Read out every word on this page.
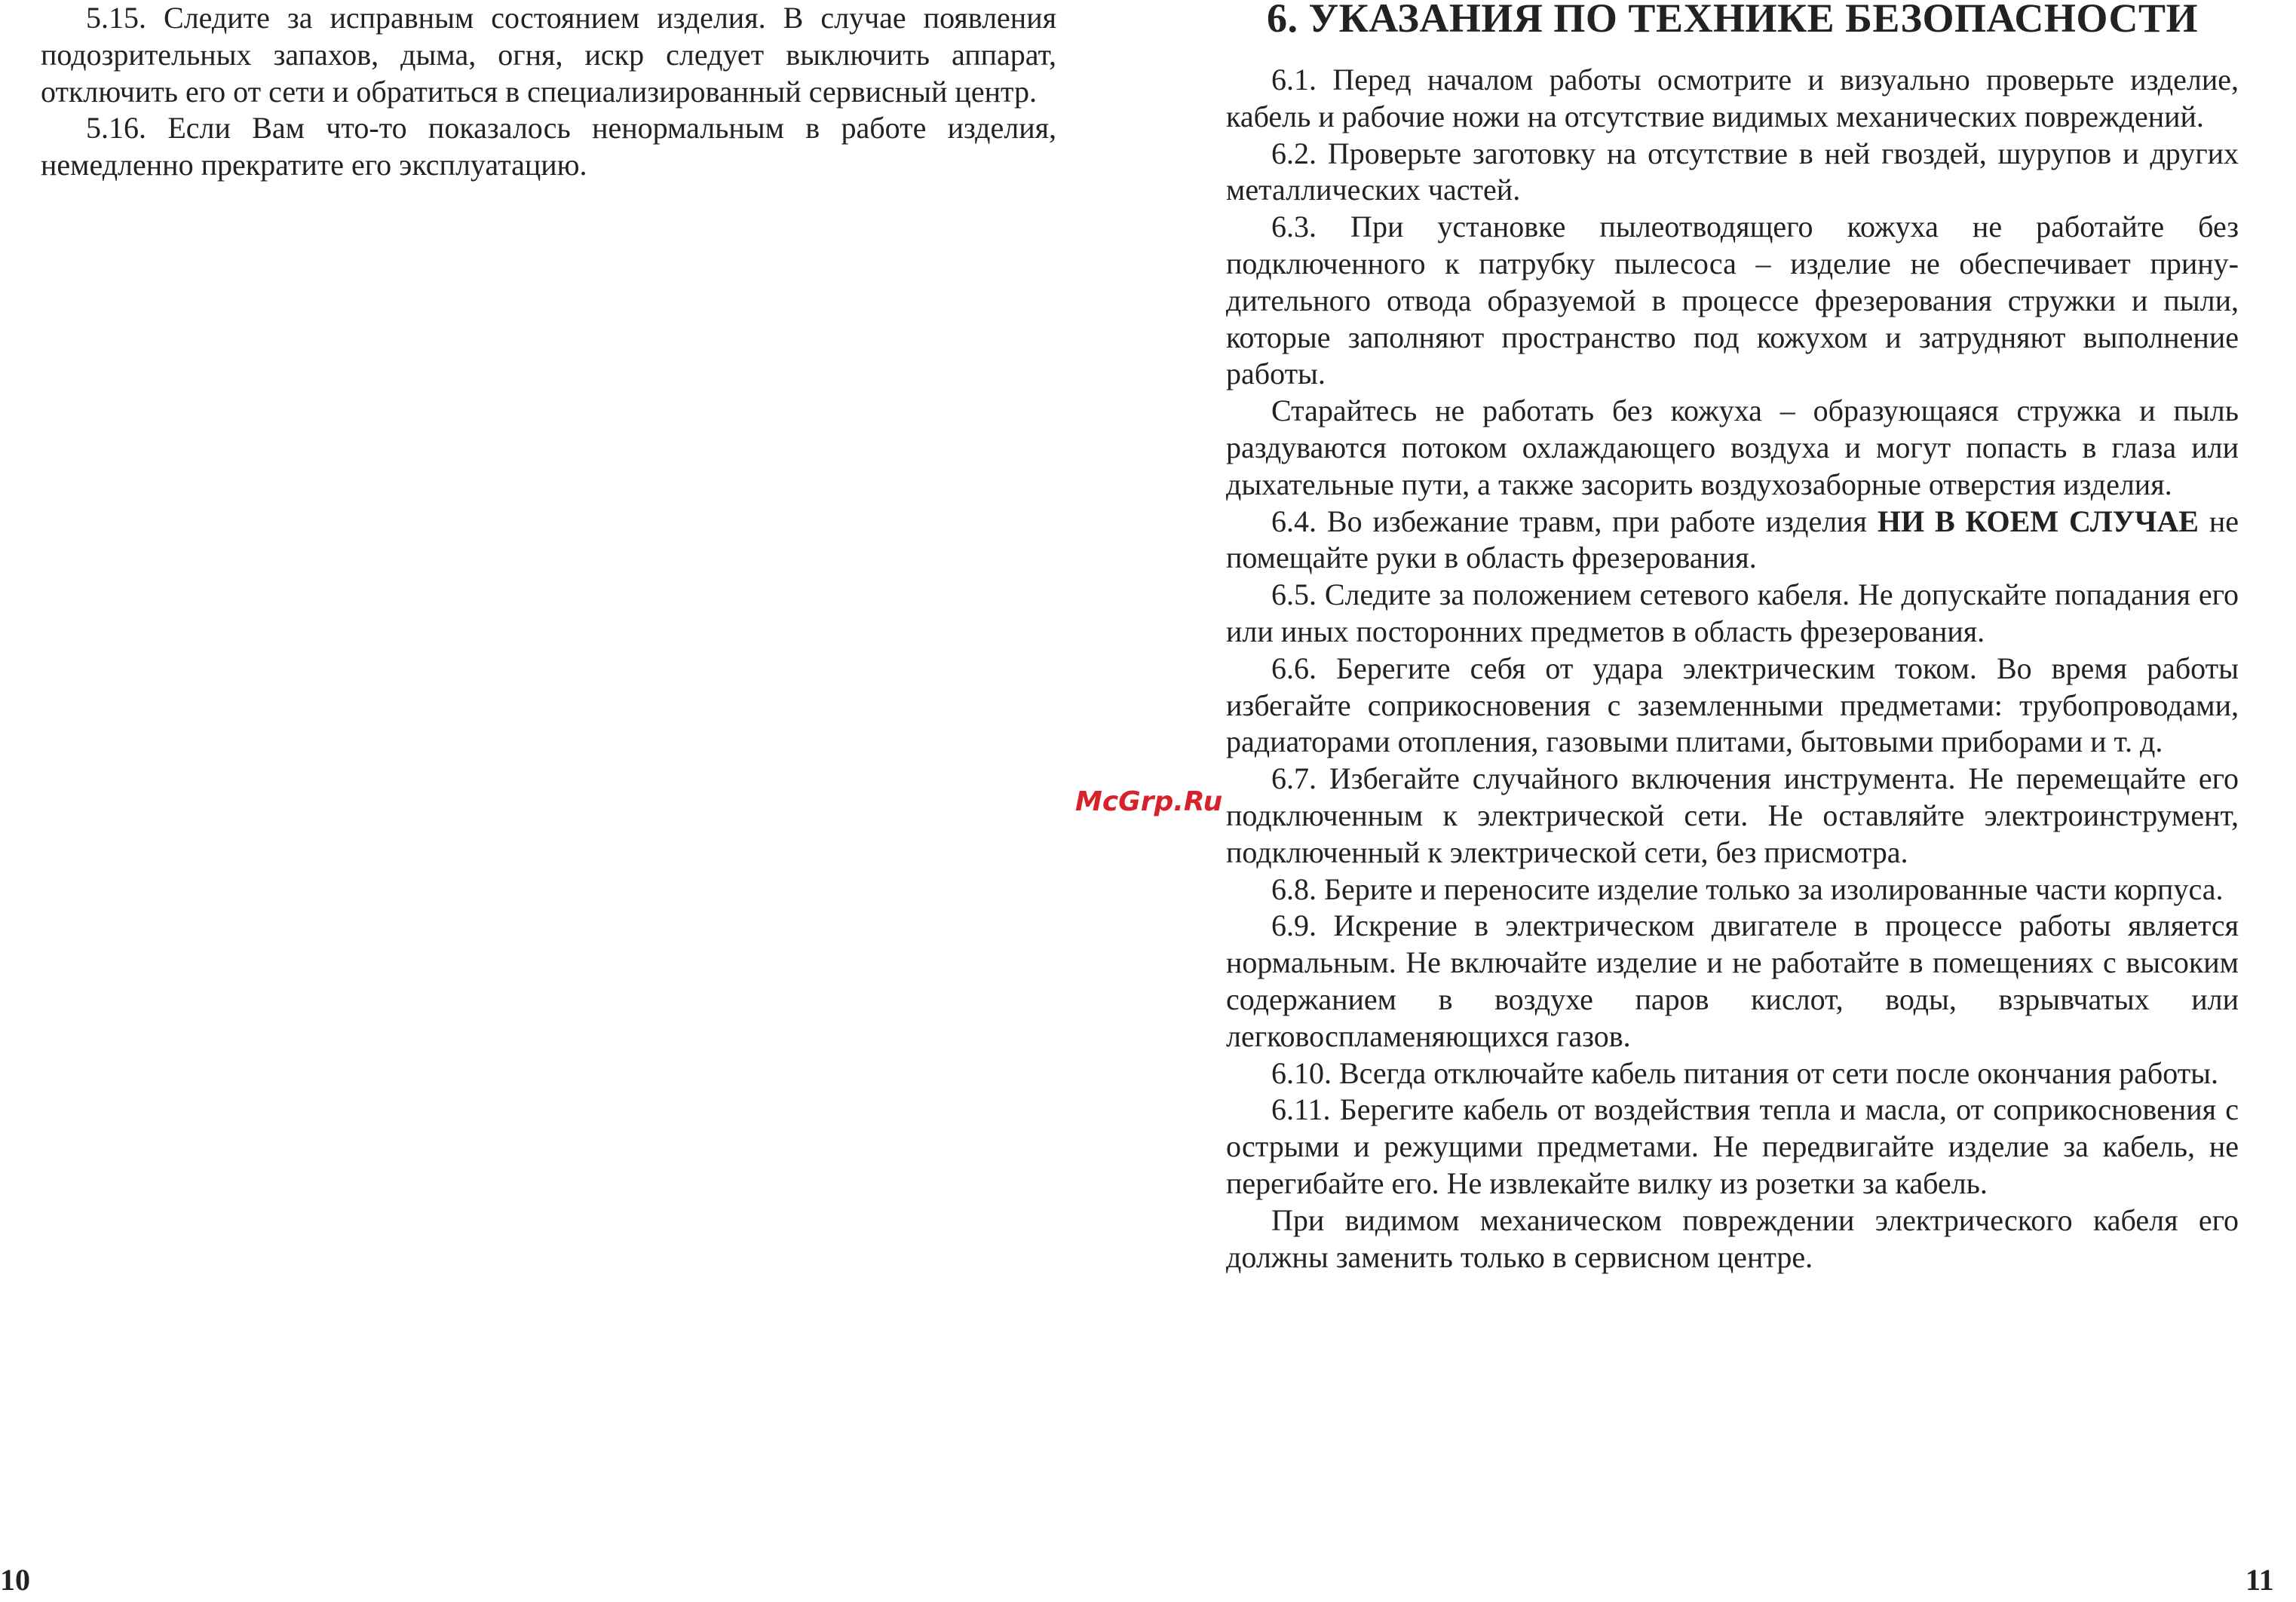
5.15. Следите за исправным состоянием изделия. В случае появления подозрительных запахов, дыма, огня, искр следует выключить аппарат, отключить его от сети и обратиться в специализированный сервисный центр.

5.16. Если Вам что-то показалось ненормальным в работе изделия, немедленно прекратите его эксплуатацию.

6. УКАЗАНИЯ ПО ТЕХНИКЕ БЕЗОПАСНОСТИ

6.1. Перед началом работы осмотрите и визуально проверьте изделие, кабель и рабочие ножи на отсутствие видимых механических повреждений.

6.2. Проверьте заготовку на отсутствие в ней гвоздей, шурупов и других металлических частей.

6.3. При установке пылеотводящего кожуха не работайте без подключенного к патрубку пылесоса – изделие не обеспечивает принудительного отвода образуемой в процессе фрезерования стружки и пыли, которые заполняют пространство под кожухом и затрудняют выполнение работы.

Старайтесь не работать без кожуха – образующаяся стружка и пыль раздуваются потоком охлаждающего воздуха и могут попасть в глаза или дыхательные пути, а также засорить воздухозаборные отверстия изделия.

6.4. Во избежание травм, при работе изделия НИ В КОЕМ СЛУЧАЕ не помещайте руки в область фрезерования.

6.5. Следите за положением сетевого кабеля. Не допускайте попадания его или иных посторонних предметов в область фрезерования.

6.6. Берегите себя от удара электрическим током. Во время работы избегайте соприкосновения с заземленными предметами: трубопроводами, радиаторами отопления, газовыми плитами, бытовыми приборами и т. д.

6.7. Избегайте случайного включения инструмента. Не перемещайте его подключенным к электрической сети. Не оставляйте электроинструмент, подключенный к электрической сети, без присмотра.

6.8. Берите и переносите изделие только за изолированные части корпуса.

6.9. Искрение в электрическом двигателе в процессе работы является нормальным. Не включайте изделие и не работайте в помещениях с высоким содержанием в воздухе паров кислот, воды, взрывчатых или легковоспламеняющихся газов.

6.10. Всегда отключайте кабель питания от сети после окончания работы.

6.11. Берегите кабель от воздействия тепла и масла, от соприкосновения с острыми и режущими предметами. Не передвигайте изделие за кабель, не перегибайте его. Не извлекайте вилку из розетки за кабель.

При видимом механическом повреждении электрического кабеля его должны заменить только в сервисном центре.

10	11
McGrp.Ru
